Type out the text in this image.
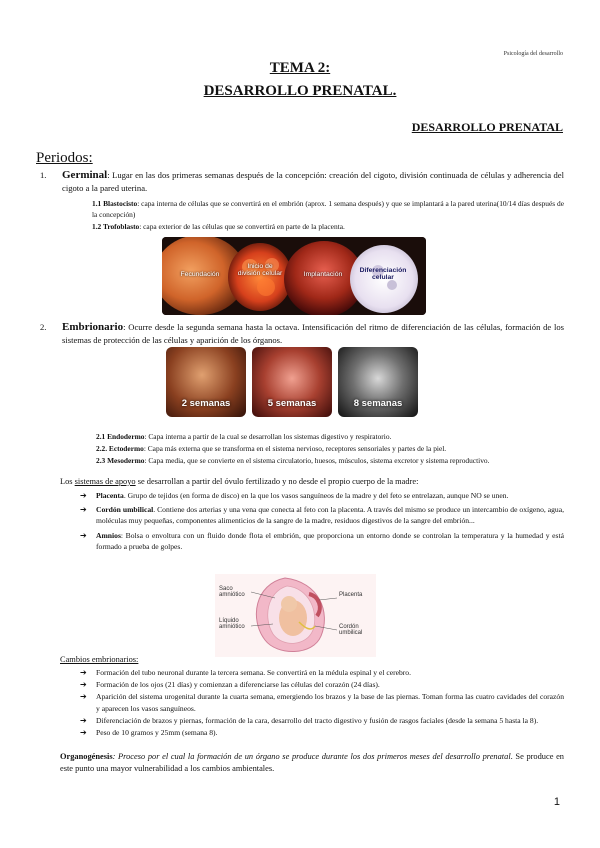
Psicología del desarrollo
TEMA 2:
DESARROLLO PRENATAL.
DESARROLLO PRENATAL
Periodos:
1. Germinal: Lugar en las dos primeras semanas después de la concepción: creación del cigoto, división continuada de células y adherencia del cigoto a la pared uterina.
1.1 Blastocisto: capa interna de células que se convertirá en el embrión (aprox. 1 semana después) y que se implantará a la pared uterina(10/14 días después de la concepción)
1.2 Trofoblasto: capa exterior de las células que se convertirá en parte de la placenta.
Fecundación
Inicio de división celular	Implantación
Diferenciación celular
2. Embrionario: Ocurre desde la segunda semana hasta la octava. Intensificación del ritmo de diferenciación de las células, formación de los sistemas de protección de las células y aparición de los órganos.
2 semanas	5 semanas	8 semanas
2.1 Endodermo: Capa interna a partir de la cual se desarrollan los sistemas digestivo y respiratorio.
2.2. Ectodermo: Capa más externa que se transforma en el sistema nervioso, receptores sensoriales y partes de la piel.
2.3 Mesodermo: Capa media, que se convierte en el sistema circulatorio, huesos, músculos, sistema excretor y sistema reproductivo.
Los sistemas de apoyo se desarrollan a partir del óvulo fertilizado y no desde el propio cuerpo de la madre:
➔ Placenta. Grupo de tejidos (en forma de disco) en la que los vasos sanguíneos de la madre y del feto se entrelazan, aunque NO se unen.
➔ Cordón umbilical. Contiene dos arterias y una vena que conecta al feto con la placenta. A través del mismo se produce un intercambio de oxígeno, agua, moléculas muy pequeñas, componentes alimenticios de la sangre de la madre, residuos digestivos de la sangre del embrión...
➔ Amnios: Bolsa o envoltura con un fluido donde flota el embrión, que proporciona un entorno donde se controlan la temperatura y la humedad y está formado a prueba de golpes.
Saco amniótico
Líquido amniótico
Placenta
Cordón umbilical
Cambios embrionarios:
➔ Formación del tubo neuronal durante la tercera semana. Se convertirá en la médula espinal y el cerebro.
➔ Formación de los ojos (21 días) y comienzan a diferenciarse las células del corazón (24 días).
➔ Aparición del sistema urogenital durante la cuarta semana, emergiendo los brazos y la base de las piernas. Toman forma las cuatro cavidades del corazón y aparecen los vasos sanguíneos.
➔ Diferenciación de brazos y piernas, formación de la cara, desarrollo del tracto digestivo y fusión de rasgos faciales (desde la semana 5 hasta la 8).
➔ Peso de 10 gramos y 25mm (semana 8).
Organogénesis: Proceso por el cual la formación de un órgano se produce durante los dos primeros meses del desarrollo prenatal. Se produce en este punto una mayor vulnerabilidad a los cambios ambientales.
1
